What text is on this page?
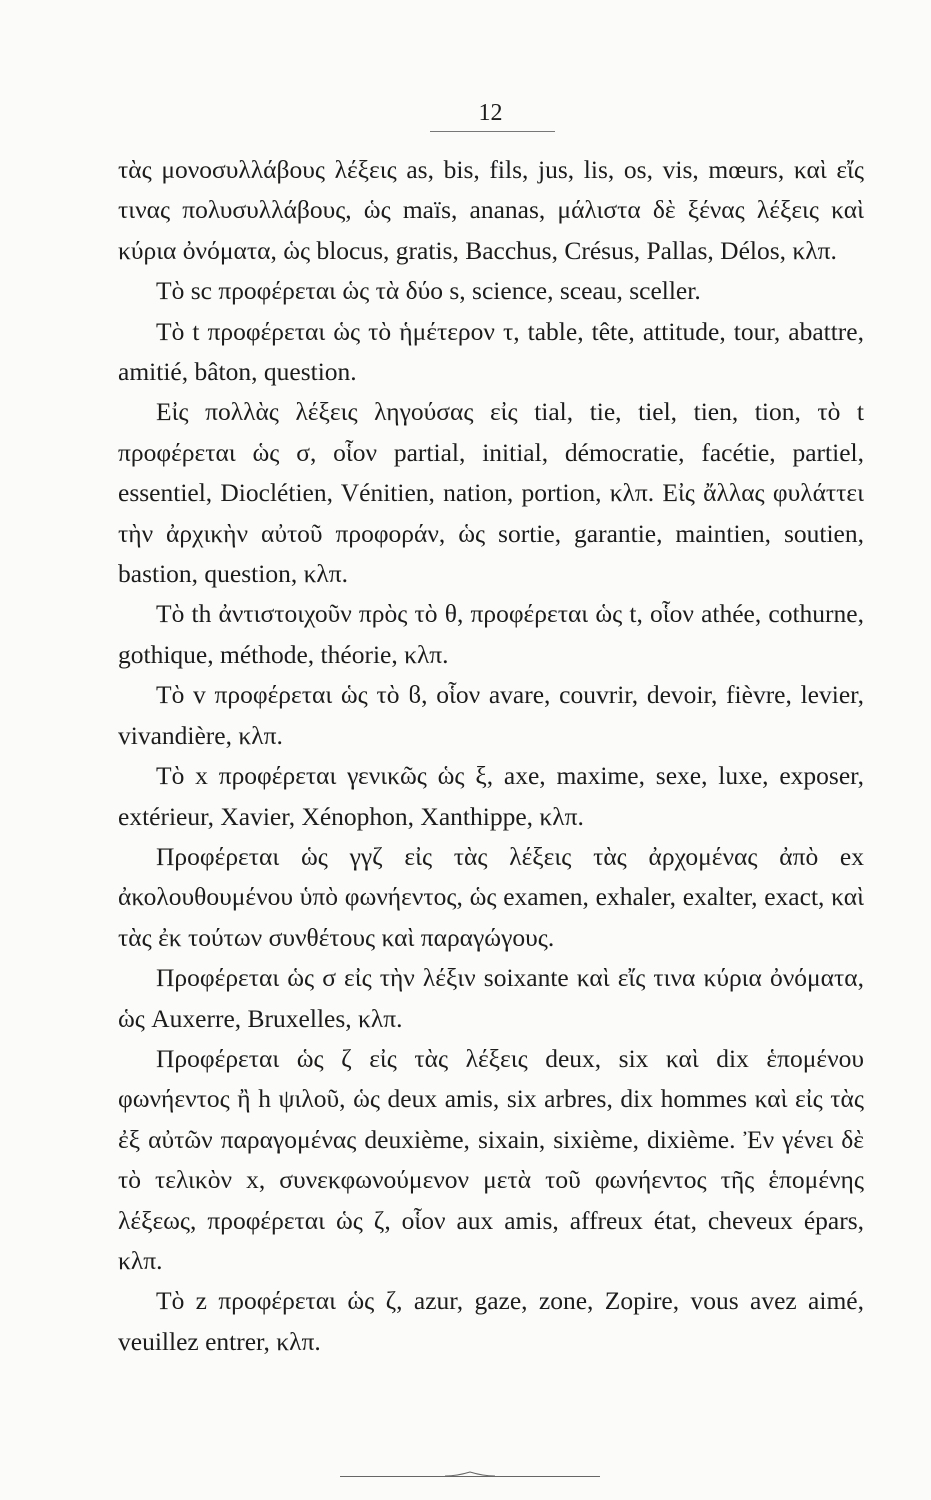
12

τὰς μονοσυλλάβους λέξεις as, bis, fils, jus, lis, os, vis, mœurs, καὶ εἴς τινας πολυσυλλάβους, ὡς maïs, ananas, μάλιστα δὲ ξένας λέξεις καὶ κύρια ὀνόματα, ὡς blocus, gratis, Bacchus, Crésus, Pallas, Délos, κλπ.

Τὸ sc προφέρεται ὡς τὰ δύο s, science, sceau, sceller.

Τὸ t προφέρεται ὡς τὸ ἡμέτερον τ, table, tête, attitude, tour, abattre, amitié, bâton, question.

Εἰς πολλὰς λέξεις ληγούσας εἰς tial, tie, tiel, tien, tion, τὸ t προφέρεται ὡς σ, οἷον partial, initial, démocratie, facétie, partiel, essentiel, Dioclétien, Vénitien, nation, portion, κλπ. Εἰς ἄλλας φυλάττει τὴν ἀρχικὴν αὐτοῦ προφοράν, ὡς sortie, garantie, maintien, soutien, bastion, question, κλπ.

Τὸ th ἀντιστοιχοῦν πρὸς τὸ θ, προφέρεται ὡς t, οἷον athée, cothurne, gothique, méthode, théorie, κλπ.

Τὸ v προφέρεται ὡς τὸ ϐ, οἷον avare, couvrir, devoir, fièvre, levier, vivandière, κλπ.

Τὸ x προφέρεται γενικῶς ὡς ξ, axe, maxime, sexe, luxe, exposer, extérieur, Xavier, Xénophon, Xanthippe, κλπ.

Προφέρεται ὡς γγζ εἰς τὰς λέξεις τὰς ἀρχομένας ἀπὸ ex ἀκολουθουμένου ὑπὸ φωνήεντος, ὡς examen, exhaler, exalter, exact, καὶ τὰς ἐκ τούτων συνθέτους καὶ παραγώγους.

Προφέρεται ὡς σ εἰς τὴν λέξιν soixante καὶ εἴς τινα κύρια ὀνόματα, ὡς Auxerre, Bruxelles, κλπ.

Προφέρεται ὡς ζ εἰς τὰς λέξεις deux, six καὶ dix ἑπομένου φωνήεντος ἢ h ψιλοῦ, ὡς deux amis, six arbres, dix hommes καὶ εἰς τὰς ἐξ αὐτῶν παραγομένας deuxième, sixain, sixième, dixième. Ἐν γένει δὲ τὸ τελικὸν x, συνεκφωνούμενον μετὰ τοῦ φωνήεντος τῆς ἑπομένης λέξεως, προφέρεται ὡς ζ, οἷον aux amis, affreux état, cheveux épars, κλπ.

Τὸ z προφέρεται ὡς ζ, azur, gaze, zone, Zopire, vous avez aimé, veuillez entrer, κλπ.
